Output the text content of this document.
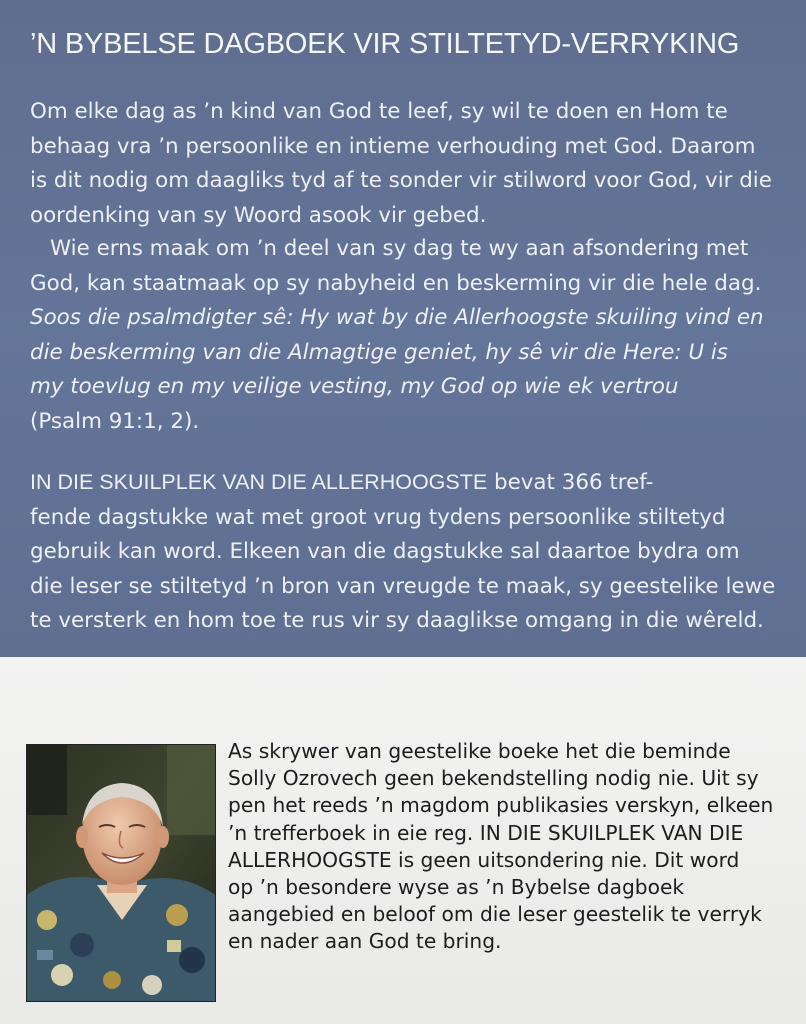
’N BYBELSE DAGBOEK VIR STILTETYD-VERRYKING

Om elke dag as ’n kind van God te leef, sy wil te doen en Hom te
behaag vra ’n persoonlike en intieme verhouding met God. Daarom
is dit nodig om daagliks tyd af te sonder vir stilword voor God, vir die
oordenking van sy Woord asook vir gebed.

Wie erns maak om ’n deel van sy dag te wy aan afsondering met
God, kan staatmaak op sy nabyheid en beskerming vir die hele dag.
Soos die psalmdigter sê: Hy wat by die Allerhoogste skuiling vind en
die beskerming van die Almagtige geniet, hy sê vir die Here: U is
my toevlug en my veilige vesting, my God op wie ek vertrou
(Psalm 91:1, 2).

IN DIE SKUILPLEK VAN DIE ALLERHOOGSTE bevat 366 tref-
fende dagstukke wat met groot vrug tydens persoonlike stiltetyd
gebruik kan word. Elkeen van die dagstukke sal daartoe bydra om
die leser se stiltetyd ’n bron van vreugde te maak, sy geestelike lewe
te versterk en hom toe te rus vir sy daaglikse omgang in die wêreld.

As skrywer van geestelike boeke het die beminde
Solly Ozrovech geen bekendstelling nodig nie. Uit sy
pen het reeds ’n magdom publikasies verskyn, elkeen
’n trefferboek in eie reg. IN DIE SKUILPLEK VAN DIE
ALLERHOOGSTE is geen uitsondering nie. Dit word
op ’n besondere wyse as ’n Bybelse dagboek
aangebied en beloof om die leser geestelik te verryk
en nader aan God te bring.
